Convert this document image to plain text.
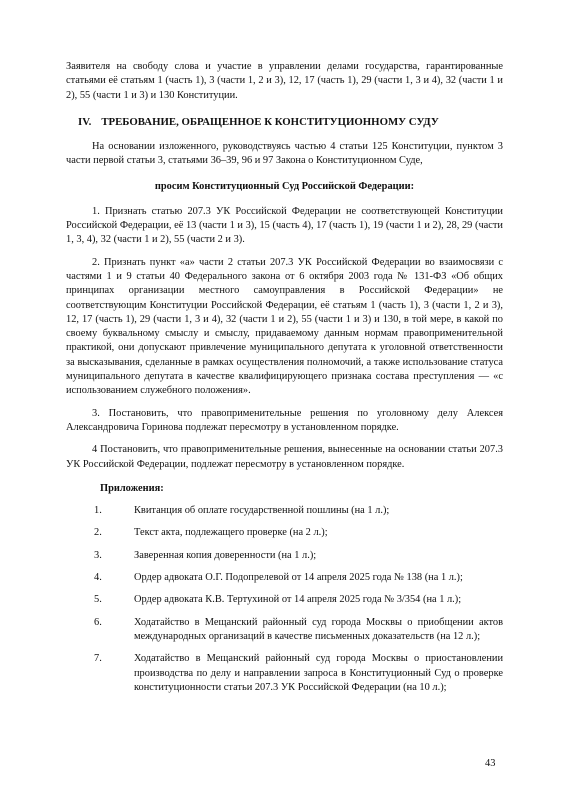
Заявителя на свободу слова и участие в управлении делами государства, гарантированные статьями её статьям 1 (часть 1), 3 (части 1, 2 и 3), 12, 17 (часть 1), 29 (части 1, 3 и 4), 32 (части 1 и 2), 55 (части 1 и 3) и 130 Конституции.

IV. ТРЕБОВАНИЕ, ОБРАЩЕННОЕ К КОНСТИТУЦИОННОМУ СУДУ

На основании изложенного, руководствуясь частью 4 статьи 125 Конституции, пунктом 3 части первой статьи 3, статьями 36–39, 96 и 97 Закона о Конституционном Суде,

просим Конституционный Суд Российской Федерации:

1. Признать статью 207.3 УК Российской Федерации не соответствующей Конституции Российской Федерации, её 13 (части 1 и 3), 15 (часть 4), 17 (часть 1), 19 (части 1 и 2), 28, 29 (части 1, 3, 4), 32 (части 1 и 2), 55 (части 2 и 3).

2. Признать пункт «а» части 2 статьи 207.3 УК Российской Федерации во взаимосвязи с частями 1 и 9 статьи 40 Федерального закона от 6 октября 2003 года № 131-ФЗ «Об общих принципах организации местного самоуправления в Российской Федерации» не соответствующим Конституции Российской Федерации, её статьям 1 (часть 1), 3 (части 1, 2 и 3), 12, 17 (часть 1), 29 (части 1, 3 и 4), 32 (части 1 и 2), 55 (части 1 и 3) и 130, в той мере, в какой по своему буквальному смыслу и смыслу, придаваемому данным нормам правоприменительной практикой, они допускают привлечение муниципального депутата к уголовной ответственности за высказывания, сделанные в рамках осуществления полномочий, а также использование статуса муниципального депутата в качестве квалифицирующего признака состава преступления — «с использованием служебного положения».

3. Постановить, что правоприменительные решения по уголовному делу Алексея Александровича Горинова подлежат пересмотру в установленном порядке.

4 Постановить, что правоприменительные решения, вынесенные на основании статьи 207.3 УК Российской Федерации, подлежат пересмотру в установленном порядке.

Приложения:

1.	Квитанция об оплате государственной пошлины (на 1 л.);
2.	Текст акта, подлежащего проверке (на 2 л.);
3.	Заверенная копия доверенности (на 1 л.);
4.	Ордер адвоката О.Г. Подопрелевой от 14 апреля 2025 года № 138 (на 1 л.);
5.	Ордер адвоката К.В. Тертухиной от 14 апреля 2025 года № 3/354 (на 1 л.);
6.	Ходатайство в Мещанский районный суд города Москвы о приобщении актов международных организаций в качестве письменных доказательств (на 12 л.);
7.	Ходатайство в Мещанский районный суд города Москвы о приостановлении производства по делу и направлении запроса в Конституционный Суд о проверке конституционности статьи 207.3 УК Российской Федерации (на 10 л.);
43
